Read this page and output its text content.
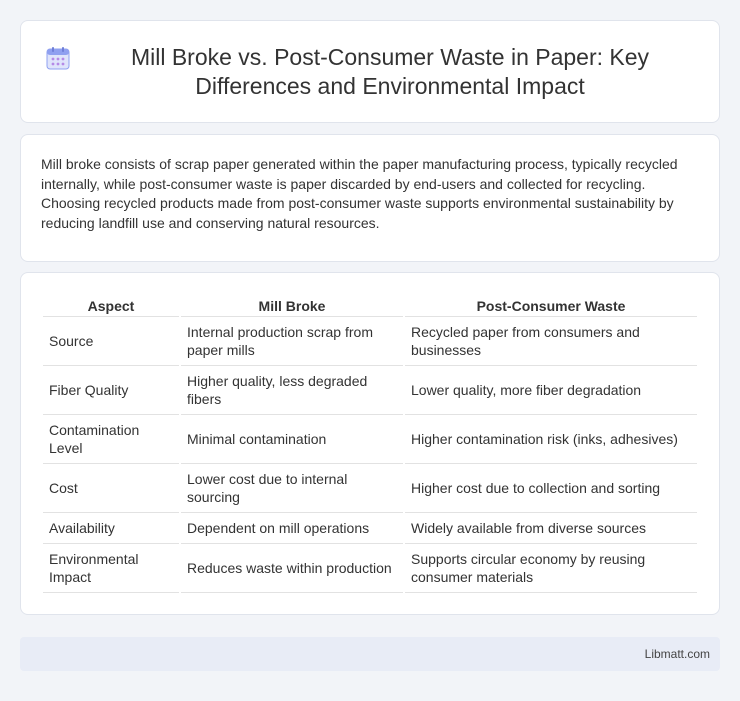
Mill Broke vs. Post-Consumer Waste in Paper: Key Differences and Environmental Impact

Mill broke consists of scrap paper generated within the paper manufacturing process, typically recycled internally, while post-consumer waste is paper discarded by end-users and collected for recycling. Choosing recycled products made from post-consumer waste supports environmental sustainability by reducing landfill use and conserving natural resources.

Aspect	Mill Broke	Post-Consumer Waste
Source	Internal production scrap from paper mills	Recycled paper from consumers and businesses
Fiber Quality	Higher quality, less degraded fibers	Lower quality, more fiber degradation
Contamination Level	Minimal contamination	Higher contamination risk (inks, adhesives)
Cost	Lower cost due to internal sourcing	Higher cost due to collection and sorting
Availability	Dependent on mill operations	Widely available from diverse sources
Environmental Impact	Reduces waste within production	Supports circular economy by reusing consumer materials
Libmatt.com
